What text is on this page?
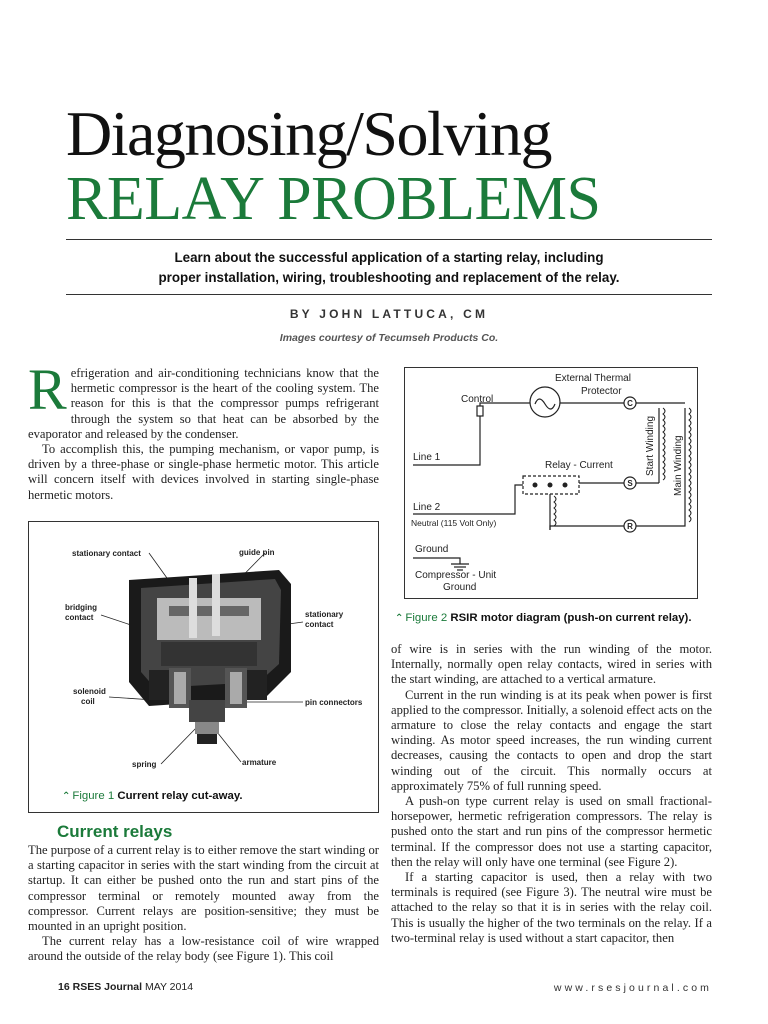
Diagnosing/Solving
RELAY PROBLEMS
Learn about the successful application of a starting relay, including
proper installation, wiring, troubleshooting and replacement of the relay.
BY JOHN LATTUCA, CM
Images courtesy of Tecumseh Products Co.

Refrigeration and air-conditioning technicians know that the hermetic compressor is the heart of the cooling system. The reason for this is that the compressor pumps refrigerant through the system so that heat can be absorbed by the evaporator and released by the condenser.

To accomplish this, the pumping mechanism, or vapor pump, is driven by a three-phase or single-phase hermetic motor. This article will concern itself with devices involved in starting single-phase hermetic motors.

stationary contact	guide pin
bridging contact	stationary contact
solenoid coil	pin connectors
spring	armature
⌃ Figure 1 Current relay cut-away.
Current relays

The purpose of a current relay is to either remove the start winding or a starting capacitor in series with the start winding from the circuit at startup. It can either be pushed onto the run and start pins of the compressor terminal or remotely mounted away from the compressor. Current relays are position-sensitive; they must be mounted in an upright position.

The current relay has a low-resistance coil of wire wrapped around the outside of the relay body (see Figure 1). This coil

External Thermal
Protector
Control
Line 1
Relay - Current
Line 2
Neutral (115 Volt Only)
Ground
Compressor - Unit
Ground
Start Winding Main Winding
C
S
R
⌃ Figure 2 RSIR motor diagram (push-on current relay).

of wire is in series with the run winding of the motor. Internally, normally open relay contacts, wired in series with the start winding, are attached to a vertical armature.

Current in the run winding is at its peak when power is first applied to the compressor. Initially, a solenoid effect acts on the armature to close the relay contacts and engage the start winding. As motor speed increases, the run winding current decreases, causing the contacts to open and drop the start winding out of the circuit. This normally occurs at approximately 75% of full running speed.

A push-on type current relay is used on small fractional-horsepower, hermetic refrigeration compressors. The relay is pushed onto the start and run pins of the compressor hermetic terminal. If the compressor does not use a starting capacitor, then the relay will only have one terminal (see Figure 2).

If a starting capacitor is used, then a relay with two terminals is required (see Figure 3). The neutral wire must be attached to the relay so that it is in series with the relay coil. This is usually the higher of the two terminals on the relay. If a two-terminal relay is used without a start capacitor, then

16 RSES Journal MAY 2014	www.rsesjournal.com
